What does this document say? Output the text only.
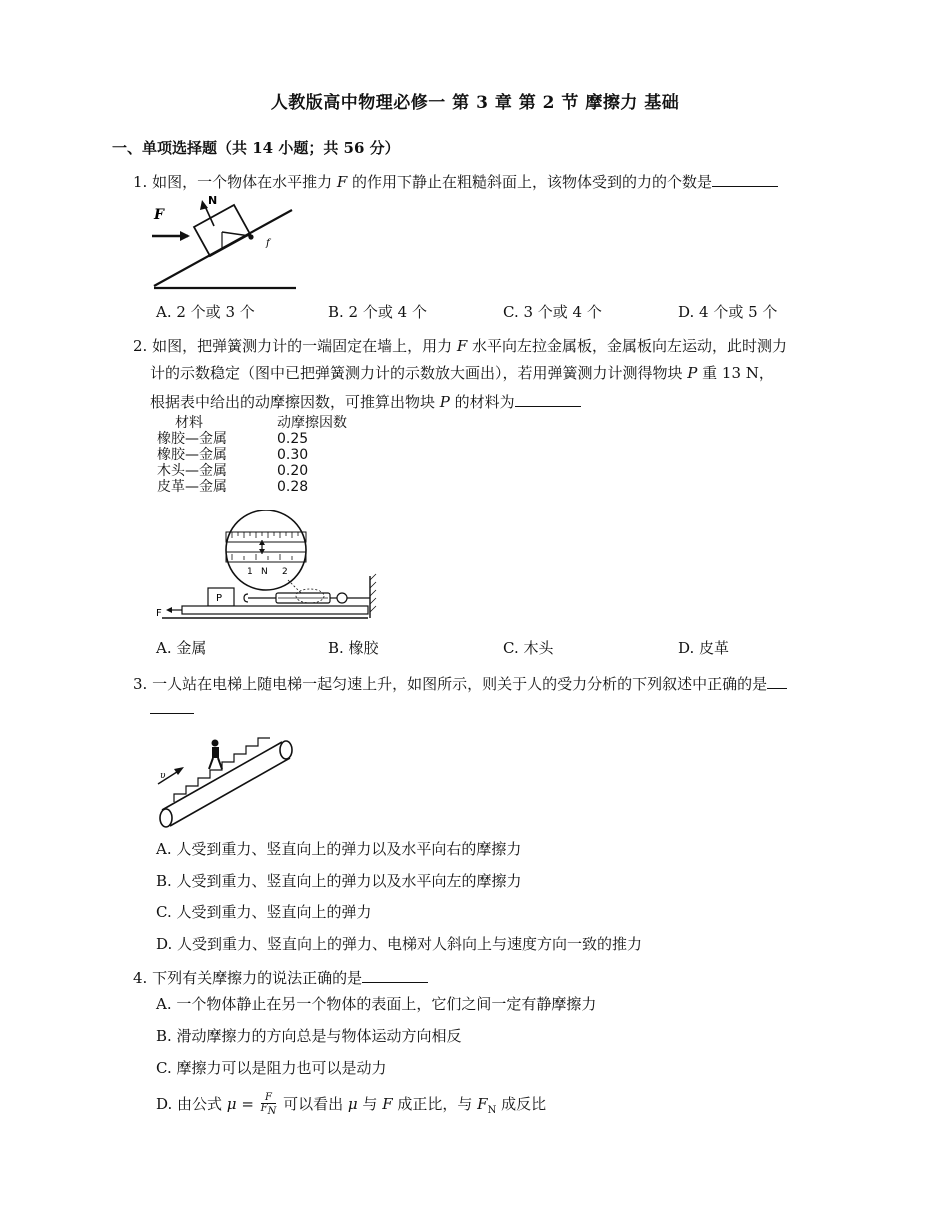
人教版高中物理必修一 第 3 章 第 2 节 摩擦力 基础
一、单项选择题（共 14 小题；共 56 分）
1. 如图，一个物体在水平推力 F 的作用下静止在粗糙斜面上，该物体受到的力的个数是
F
N
f
A. 2 个或 3 个	B. 2 个或 4 个	C. 3 个或 4 个	D. 4 个或 5 个
2. 如图，把弹簧测力计的一端固定在墙上，用力 F 水平向左拉金属板，金属板向左运动，此时测力
计的示数稳定（图中已把弹簧测力计的示数放大画出），若用弹簧测力计测得物块 P 重 13 N，
根据表中给出的动摩擦因数，可推算出物块 P 的材料为
材料	动摩擦因数
橡胶—金属	0.25
橡胶—金属	0.30
木头—金属	0.20
皮革—金属	0.28
1 N 2
P
F
A. 金属	B. 橡胶	C. 木头	D. 皮革
3. 一人站在电梯上随电梯一起匀速上升，如图所示，则关于人的受力分析的下列叙述中正确的是
υ
A. 人受到重力、竖直向上的弹力以及水平向右的摩擦力
B. 人受到重力、竖直向上的弹力以及水平向左的摩擦力
C. 人受到重力、竖直向上的弹力
D. 人受到重力、竖直向上的弹力、电梯对人斜向上与速度方向一致的推力
4. 下列有关摩擦力的说法正确的是
A. 一个物体静止在另一个物体的表面上，它们之间一定有静摩擦力
B. 滑动摩擦力的方向总是与物体运动方向相反
C. 摩擦力可以是阻力也可以是动力
D. 由公式 $\mu = \frac{F}{F_N}$ 可以看出 μ 与 F 成正比，与 $F_N$ 成反比
